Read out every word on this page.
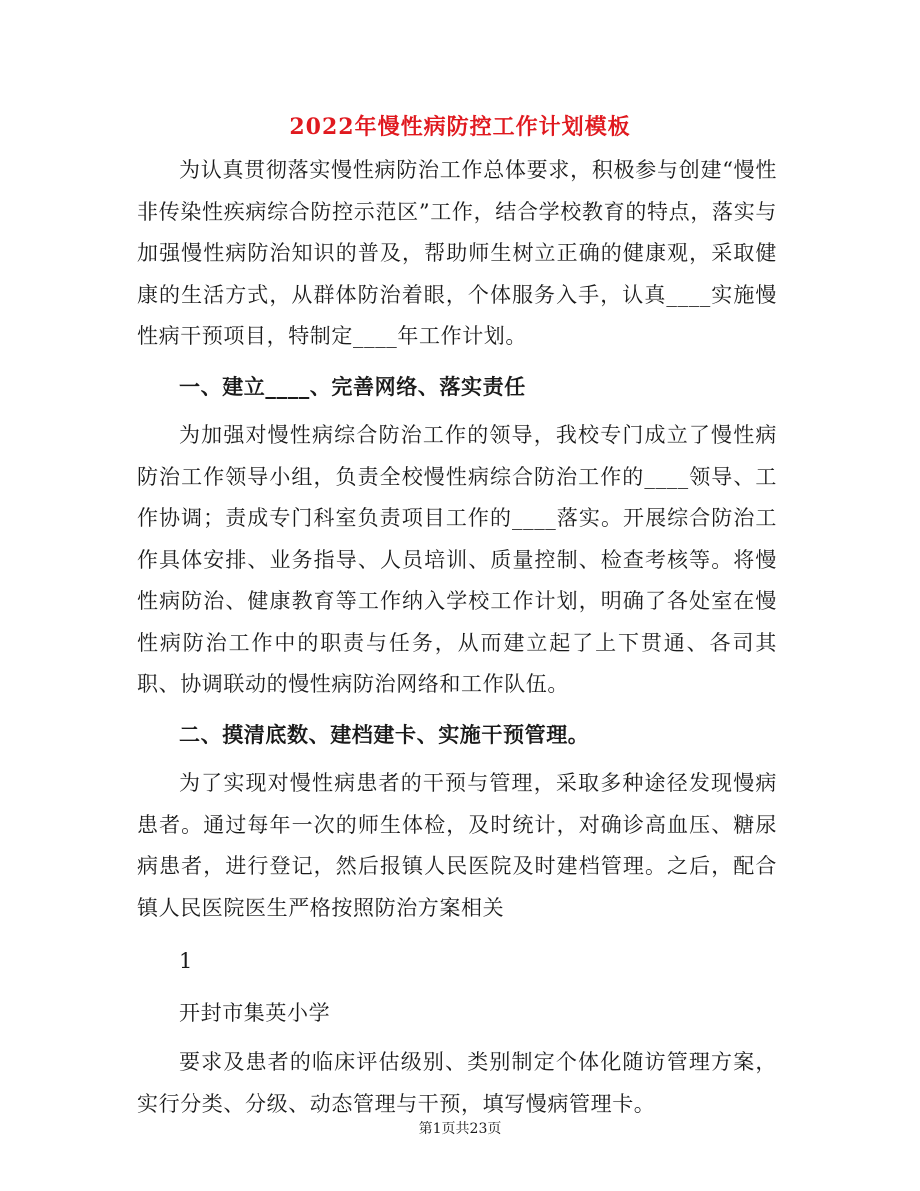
2022年慢性病防控工作计划模板

为认真贯彻落实慢性病防治工作总体要求，积极参与创建“慢性非传染性疾病综合防控示范区”工作，结合学校教育的特点，落实与加强慢性病防治知识的普及，帮助师生树立正确的健康观，采取健康的生活方式，从群体防治着眼，个体服务入手，认真____实施慢性病干预项目，特制定____年工作计划。

一、建立____、完善网络、落实责任

为加强对慢性病综合防治工作的领导，我校专门成立了慢性病防治工作领导小组，负责全校慢性病综合防治工作的____领导、工作协调；责成专门科室负责项目工作的____落实。开展综合防治工作具体安排、业务指导、人员培训、质量控制、检查考核等。将慢性病防治、健康教育等工作纳入学校工作计划，明确了各处室在慢性病防治工作中的职责与任务，从而建立起了上下贯通、各司其职、协调联动的慢性病防治网络和工作队伍。

二、摸清底数、建档建卡、实施干预管理。

为了实现对慢性病患者的干预与管理，采取多种途径发现慢病患者。通过每年一次的师生体检，及时统计，对确诊高血压、糖尿病患者，进行登记，然后报镇人民医院及时建档管理。之后，配合镇人民医院医生严格按照防治方案相关

1

开封市集英小学

要求及患者的临床评估级别、类别制定个体化随访管理方案，实行分类、分级、动态管理与干预，填写慢病管理卡。

第1页共23页
